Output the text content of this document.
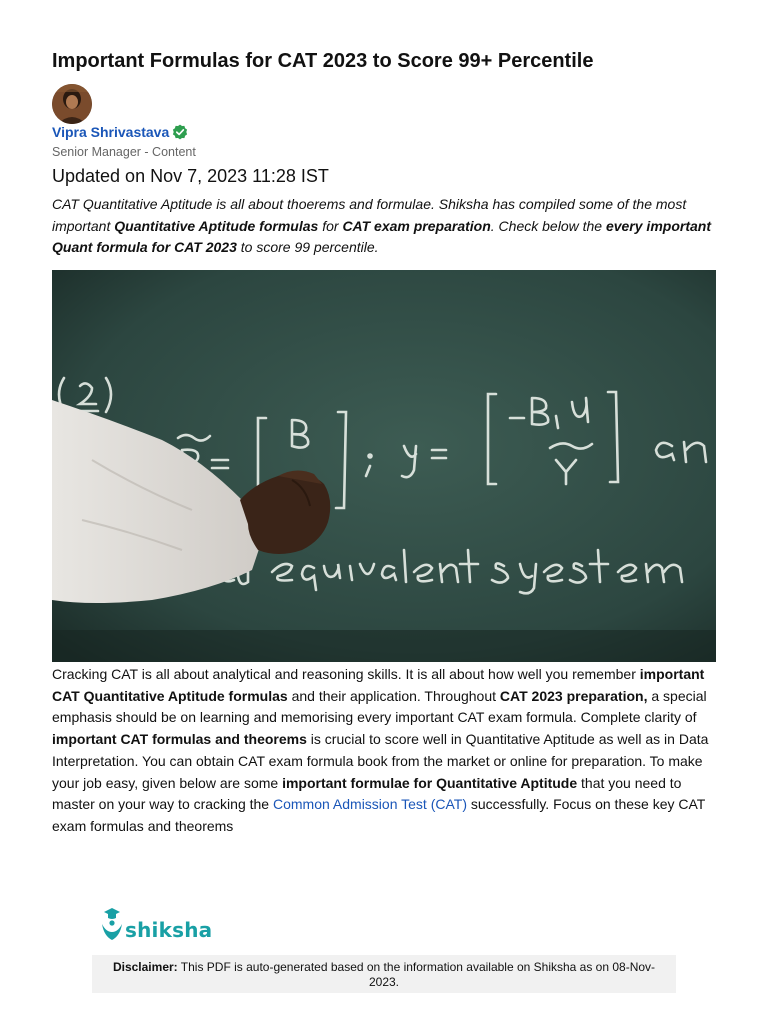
Important Formulas for CAT 2023 to Score 99+ Percentile
Vipra Shrivastava
Senior Manager - Content
Updated on Nov 7, 2023 11:28 IST

CAT Quantitative Aptitude is all about thoerems and formulae. Shiksha has compiled some of the most important Quantitative Aptitude formulas for CAT exam preparation. Check below the every important Quant formula for CAT 2023 to score 99 percentile.

Cracking CAT is all about analytical and reasoning skills. It is all about how well you remember important CAT Quantitative Aptitude formulas and their application. Throughout CAT 2023 preparation, a special emphasis should be on learning and memorising every important CAT exam formula. Complete clarity of important CAT formulas and theorems is crucial to score well in Quantitative Aptitude as well as in Data Interpretation. You can obtain CAT exam formula book from the market or online for preparation. To make your job easy, given below are some important formulae for Quantitative Aptitude that you need to master on your way to cracking the Common Admission Test (CAT) successfully. Focus on these key CAT exam formulas and theorems

shiksha
Disclaimer: This PDF is auto-generated based on the information available on Shiksha as on 08-Nov-2023.
